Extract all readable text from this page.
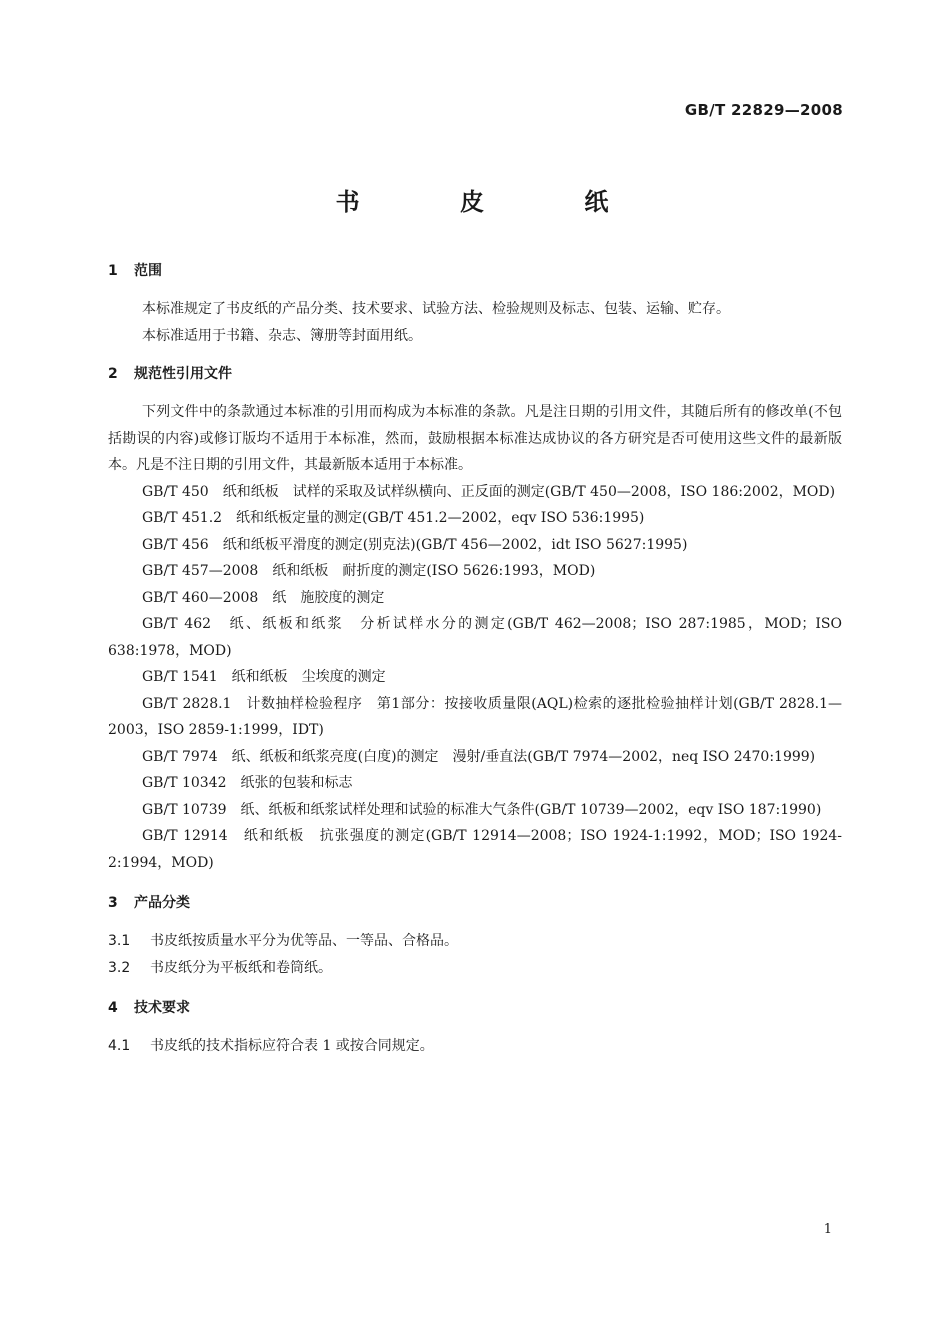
GB/T 22829—2008
书 皮 纸
1 范围
本标准规定了书皮纸的产品分类、技术要求、试验方法、检验规则及标志、包装、运输、贮存。
本标准适用于书籍、杂志、簿册等封面用纸。
2 规范性引用文件
下列文件中的条款通过本标准的引用而构成为本标准的条款。凡是注日期的引用文件，其随后所有的修改单(不包括勘误的内容)或修订版均不适用于本标准，然而，鼓励根据本标准达成协议的各方研究是否可使用这些文件的最新版本。凡是不注日期的引用文件，其最新版本适用于本标准。
GB/T 450　纸和纸板　试样的采取及试样纵横向、正反面的测定(GB/T 450—2008，ISO 186:2002，MOD)
GB/T 451.2　纸和纸板定量的测定(GB/T 451.2—2002，eqv ISO 536:1995)
GB/T 456　纸和纸板平滑度的测定(别克法)(GB/T 456—2002，idt ISO 5627:1995)
GB/T 457—2008　纸和纸板　耐折度的测定(ISO 5626:1993，MOD)
GB/T 460—2008　纸　施胶度的测定
GB/T 462　纸、纸板和纸浆　分析试样水分的测定(GB/T 462—2008；ISO 287:1985，MOD；ISO 638:1978，MOD)
GB/T 1541　纸和纸板　尘埃度的测定
GB/T 2828.1　计数抽样检验程序　第1部分：按接收质量限(AQL)检索的逐批检验抽样计划(GB/T 2828.1—2003，ISO 2859-1:1999，IDT)
GB/T 7974　纸、纸板和纸浆亮度(白度)的测定　漫射/垂直法(GB/T 7974—2002，neq ISO 2470:1999)
GB/T 10342　纸张的包装和标志
GB/T 10739　纸、纸板和纸浆试样处理和试验的标准大气条件(GB/T 10739—2002，eqv ISO 187:1990)
GB/T 12914　纸和纸板　抗张强度的测定(GB/T 12914—2008；ISO 1924-1:1992，MOD；ISO 1924-2:1994，MOD)
3 产品分类
3.1 书皮纸按质量水平分为优等品、一等品、合格品。
3.2 书皮纸分为平板纸和卷筒纸。
4 技术要求
4.1 书皮纸的技术指标应符合表 1 或按合同规定。
1
